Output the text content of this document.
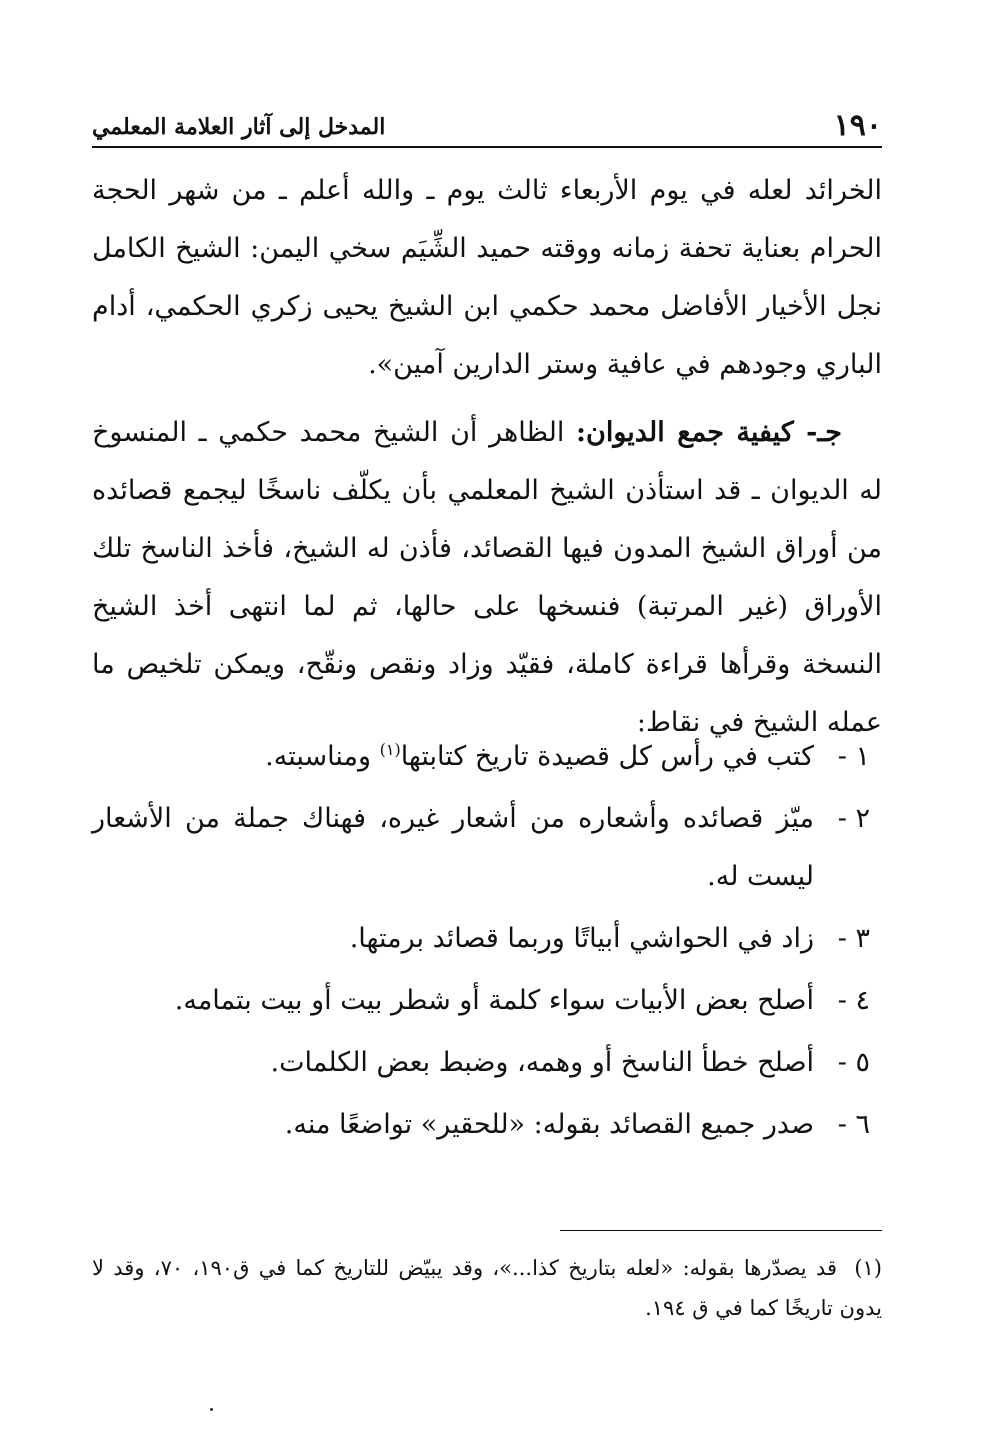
١٩٠
المدخل إلى آثار العلامة المعلمي

الخرائد لعله في يوم الأربعاء ثالث يوم ـ والله أعلم ـ من شهر الحجة الحرام بعناية تحفة زمانه ووقته حميد الشِّيَم سخي اليمن: الشيخ الكامل نجل الأخيار الأفاضل محمد حكمي ابن الشيخ يحيى زكري الحكمي، أدام الباري وجودهم في عافية وستر الدارين آمين».

جـ- كيفية جمع الديوان: الظاهر أن الشيخ محمد حكمي ـ المنسوخ له الديوان ـ قد استأذن الشيخ المعلمي بأن يكلّف ناسخًا ليجمع قصائده من أوراق الشيخ المدون فيها القصائد، فأذن له الشيخ، فأخذ الناسخ تلك الأوراق (غير المرتبة) فنسخها على حالها، ثم لما انتهى أخذ الشيخ النسخة وقرأها قراءة كاملة، فقيّد وزاد ونقص ونقّح، ويمكن تلخيص ما عمله الشيخ في نقاط:

١ -
كتب في رأس كل قصيدة تاريخ كتابتها$^{(١)}$ ومناسبته.
٢ -
ميّز قصائده وأشعاره من أشعار غيره، فهناك جملة من الأشعار ليست له.
٣ -
زاد في الحواشي أبياتًا وربما قصائد برمتها.
٤ -
أصلح بعض الأبيات سواء كلمة أو شطر بيت أو بيت بتمامه.
٥ -
أصلح خطأ الناسخ أو وهمه، وضبط بعض الكلمات.
٦ -
صدر جميع القصائد بقوله: «للحقير» تواضعًا منه.
(١) قد يصدّرها بقوله: «لعله بتاريخ كذا...»، وقد يبيّض للتاريخ كما في ق١٩٠، ٧٠، وقد لا يدون تاريخًا كما في ق ١٩٤.
